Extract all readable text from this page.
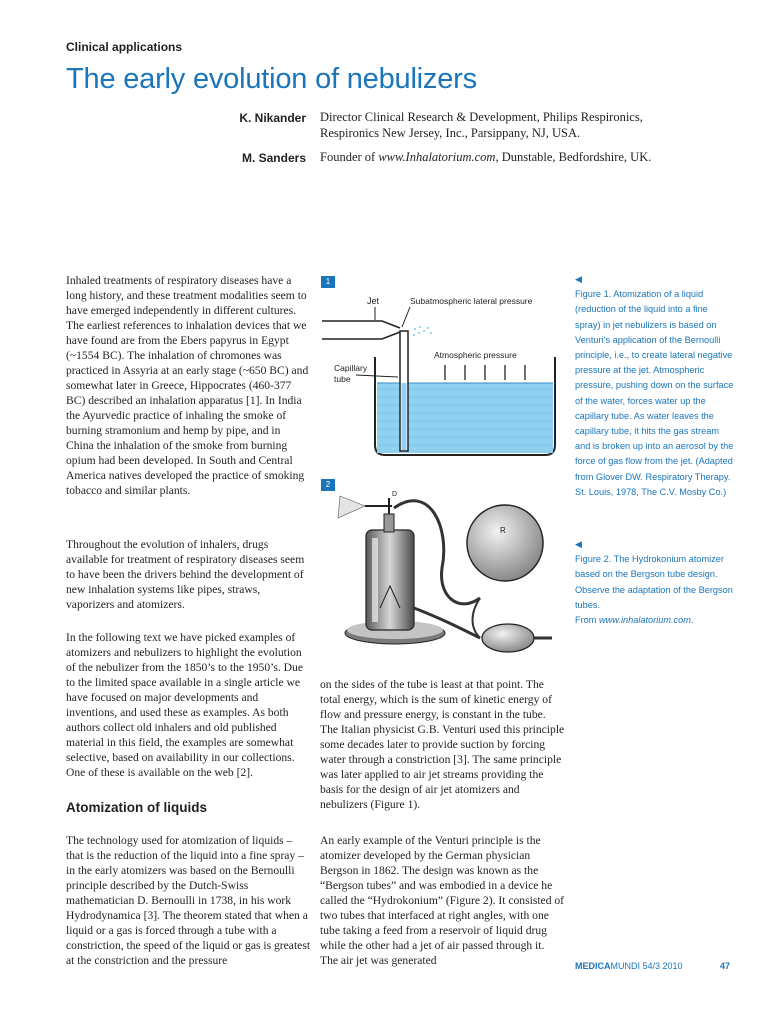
Clinical applications
The early evolution of nebulizers
K. Nikander Director Clinical Research & Development, Philips Respironics,
Respironics New Jersey, Inc., Parsippany, NJ, USA.
M. Sanders Founder of www.Inhalatorium.com, Dunstable, Bedfordshire, UK.

Inhaled treatments of respiratory diseases have a long history, and these treatment modalities seem to have emerged independently in different cultures. The earliest references to inhalation devices that we have found are from the Ebers papyrus in Egypt (~1554 BC). The inhalation of chromones was practiced in Assyria at an early stage (~650 BC) and somewhat later in Greece, Hippocrates (460-377 BC) described an inhalation apparatus [1]. In India the Ayurvedic practice of inhaling the smoke of burning stramonium and hemp by pipe, and in China the inhalation of the smoke from burning opium had been developed. In South and Central America natives developed the practice of smoking tobacco and similar plants.

Throughout the evolution of inhalers, drugs available for treatment of respiratory diseases seem to have been the drivers behind the development of new inhalation systems like pipes, straws, vaporizers and atomizers.

In the following text we have picked examples of atomizers and nebulizers to highlight the evolution of the nebulizer from the 1850’s to the 1950’s. Due to the limited space available in a single article we have focused on major developments and inventions, and used these as examples. As both authors collect old inhalers and old published material in this field, the examples are somewhat selective, based on availability in our collections. One of these is available on the web [2].

Atomization of liquids

The technology used for atomization of liquids – that is the reduction of the liquid into a fine spray – in the early atomizers was based on the Bernoulli principle described by the Dutch-Swiss mathematician D. Bernoulli in 1738, in his work Hydrodynamica [3]. The theorem stated that when a liquid or a gas is forced through a tube with a constriction, the speed of the liquid or gas is greatest at the constriction and the pressure

on the sides of the tube is least at that point. The total energy, which is the sum of kinetic energy of flow and pressure energy, is constant in the tube. The Italian physicist G.B. Venturi used this principle some decades later to provide suction by forcing water through a constriction [3]. The same principle was later applied to air jet streams providing the basis for the design of air jet atomizers and nebulizers (Figure 1).

An early example of the Venturi principle is the atomizer developed by the German physician Bergson in 1862. The design was known as the “Bergson tubes” and was embodied in a device he called the “Hydrokonium” (Figure 2). It consisted of two tubes that interfaced at right angles, with one tube taking a feed from a reservoir of liquid drug while the other had a jet of air passed through it. The air jet was generated

1
Jet	Subatmospheric lateral pressure
Atmospheric pressure
Capillary
tube
2
D
R
◀
Figure 1. Atomization of a liquid (reduction of the liquid into a fine spray) in jet nebulizers is based on Venturi’s application of the Bernoulli principle, i.e., to create lateral negative pressure at the jet. Atmospheric pressure, pushing down on the surface of the water, forces water up the capillary tube. As water leaves the capillary tube, it hits the gas stream and is broken up into an aerosol by the force of gas flow from the jet. (Adapted from Glover DW. Respiratory Therapy. St. Louis, 1978, The C.V. Mosby Co.)
◀
Figure 2. The Hydrokonium atomizer based on the Bergson tube design. Observe the adaptation of the Bergson tubes.
From www.inhalatorium.com.
MEDICAMUNDI 54/3 2010	47
